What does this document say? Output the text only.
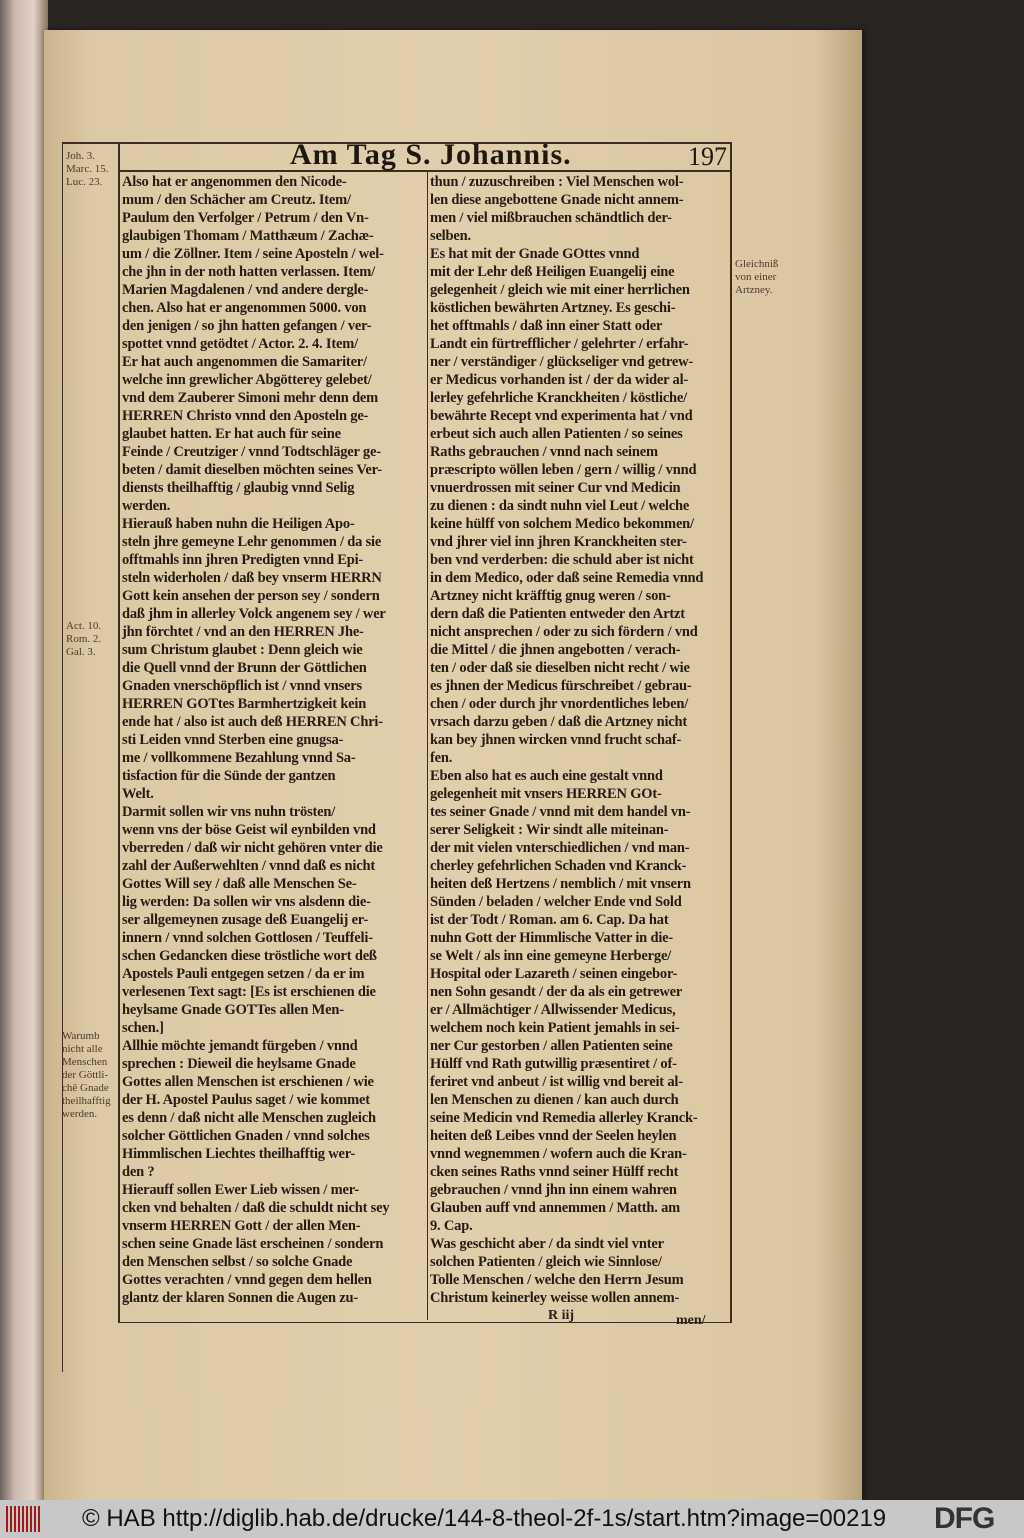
Am Tag S. Johannis.	197
Also hat er angenommen den Nicode-
mum / den Schächer am Creutz. Item/
Paulum den Verfolger / Petrum / den Vn-
glaubigen Thomam / Matthæum / Zachæ-
um / die Zöllner. Item / seine Aposteln / wel-
che jhn in der noth hatten verlassen. Item/
Marien Magdalenen / vnd andere dergle-
chen. Also hat er angenommen 5000. von
den jenigen / so jhn hatten gefangen / ver-
spottet vnnd getödtet / Actor. 2. 4. Item/
Er hat auch angenommen die Samariter/
welche inn grewlicher Abgötterey gelebet/
vnd dem Zauberer Simoni mehr denn dem
HERREN Christo vnnd den Aposteln ge-
glaubet hatten. Er hat auch für seine
Feinde / Creutziger / vnnd Todtschläger ge-
beten / damit dieselben möchten seines Ver-
diensts theilhafftig / glaubig vnnd Selig
werden.
Hierauß haben nuhn die Heiligen Apo-
steln jhre gemeyne Lehr genommen / da sie
offtmahls inn jhren Predigten vnnd Epi-
steln widerholen / daß bey vnserm HERRN
Gott kein ansehen der person sey / sondern
daß jhm in allerley Volck angenem sey / wer
jhn förchtet / vnd an den HERREN Jhe-
sum Christum glaubet : Denn gleich wie
die Quell vnnd der Brunn der Göttlichen
Gnaden vnerschöpflich ist / vnnd vnsers
HERREN GOTtes Barmhertzigkeit kein
ende hat / also ist auch deß HERREN Chri-
sti Leiden vnnd Sterben eine gnugsa-
me / vollkommene Bezahlung vnnd Sa-
tisfaction für die Sünde der gantzen
Welt.
Darmit sollen wir vns nuhn trösten/
wenn vns der böse Geist wil eynbilden vnd
vberreden / daß wir nicht gehören vnter die
zahl der Außerwehlten / vnnd daß es nicht
Gottes Will sey / daß alle Menschen Se-
lig werden: Da sollen wir vns alsdenn die-
ser allgemeynen zusage deß Euangelij er-
innern / vnnd solchen Gottlosen / Teuffeli-
schen Gedancken diese tröstliche wort deß
Apostels Pauli entgegen setzen / da er im
verlesenen Text sagt: [Es ist erschienen die
heylsame Gnade GOTTes allen Men-
schen.]
Allhie möchte jemandt fürgeben / vnnd
sprechen : Dieweil die heylsame Gnade
Gottes allen Menschen ist erschienen / wie
der H. Apostel Paulus saget / wie kommet
es denn / daß nicht alle Menschen zugleich
solcher Göttlichen Gnaden / vnnd solches
Himmlischen Liechtes theilhafftig wer-
den ?
Hierauff sollen Ewer Lieb wissen / mer-
cken vnd behalten / daß die schuldt nicht sey
vnserm HERREN Gott / der allen Men-
schen seine Gnade läst erscheinen / sondern
den Menschen selbst / so solche Gnade
Gottes verachten / vnnd gegen dem hellen
glantz der klaren Sonnen die Augen zu-
thun / zuzuschreiben : Viel Menschen wol-
len diese angebottene Gnade nicht annem-
men / viel mißbrauchen schändtlich der-
selben.
Es hat mit der Gnade GOttes vnnd
mit der Lehr deß Heiligen Euangelij eine
gelegenheit / gleich wie mit einer herrlichen
köstlichen bewährten Artzney. Es geschi-
het offtmahls / daß inn einer Statt oder
Landt ein fürtrefflicher / gelehrter / erfahr-
ner / verständiger / glückseliger vnd getrew-
er Medicus vorhanden ist / der da wider al-
lerley gefehrliche Kranckheiten / köstliche/
bewährte Recept vnd experimenta hat / vnd
erbeut sich auch allen Patienten / so seines
Raths gebrauchen / vnnd nach seinem
præscripto wöllen leben / gern / willig / vnnd
vnuerdrossen mit seiner Cur vnd Medicin
zu dienen : da sindt nuhn viel Leut / welche
keine hülff von solchem Medico bekommen/
vnd jhrer viel inn jhren Kranckheiten ster-
ben vnd verderben: die schuld aber ist nicht
in dem Medico, oder daß seine Remedia vnnd
Artzney nicht kräfftig gnug weren / son-
dern daß die Patienten entweder den Artzt
nicht ansprechen / oder zu sich fördern / vnd
die Mittel / die jhnen angebotten / verach-
ten / oder daß sie dieselben nicht recht / wie
es jhnen der Medicus fürschreibet / gebrau-
chen / oder durch jhr vnordentliches leben/
vrsach darzu geben / daß die Artzney nicht
kan bey jhnen wircken vnnd frucht schaf-
fen.
Eben also hat es auch eine gestalt vnnd
gelegenheit mit vnsers HERREN GOt-
tes seiner Gnade / vnnd mit dem handel vn-
serer Seligkeit : Wir sindt alle miteinan-
der mit vielen vnterschiedlichen / vnd man-
cherley gefehrlichen Schaden vnd Kranck-
heiten deß Hertzens / nemblich / mit vnsern
Sünden / beladen / welcher Ende vnd Sold
ist der Todt / Roman. am 6. Cap. Da hat
nuhn Gott der Himmlische Vatter in die-
se Welt / als inn eine gemeyne Herberge/
Hospital oder Lazareth / seinen eingebor-
nen Sohn gesandt / der da als ein getrewer
er / Allmächtiger / Allwissender Medicus,
welchem noch kein Patient jemahls in sei-
ner Cur gestorben / allen Patienten seine
Hülff vnd Rath gutwillig præsentiret / of-
feriret vnd anbeut / ist willig vnd bereit al-
len Menschen zu dienen / kan auch durch
seine Medicin vnd Remedia allerley Kranck-
heiten deß Leibes vnnd der Seelen heylen
vnnd wegnemmen / wofern auch die Kran-
cken seines Raths vnnd seiner Hülff recht
gebrauchen / vnnd jhn inn einem wahren
Glauben auff vnd annemmen / Matth. am
9. Cap.
Was geschicht aber / da sindt viel vnter
solchen Patienten / gleich wie Sinnlose/
Tolle Menschen / welche den Herrn Jesum
Christum keinerley weisse wollen annem-
Joh. 3.
Marc. 15.
Luc. 23.
Act. 10.
Rom. 2.
Gal. 3.
Warumb
nicht alle
Menschen
der Göttli-
chē Gnade
theilhafftig
werden.
Gleichniß
von einer
Artzney.
R iij	men/
© HAB http://diglib.hab.de/drucke/144-8-theol-2f-1s/start.htm?image=00219 DFG
